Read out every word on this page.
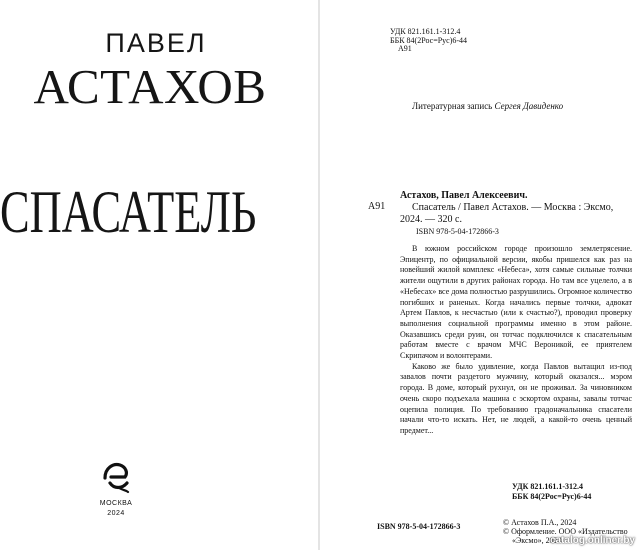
ПАВЕЛ
АСТАХОВ
СПАСАТЕЛЬ
МОСКВА
2024
УДК 821.161.1-312.4
ББК 84(2Рос=Рус)6-44
А91
Литературная запись Сергея Давиденко
А91
Астахов, Павел Алексеевич.
Спасатель / Павел Астахов. — Москва : Эксмо, 2024. — 320 с.
ISBN 978-5-04-172866-3

В южном российском городе произошло землетрясение. Эпицентр, по официальной версии, якобы пришелся как раз на новейший жилой комплекс «Небеса», хотя самые сильные толчки жители ощутили в других районах города. Но там все уцелело, а в «Небесах» все дома полностью разрушились. Огромное количество погибших и раненых. Когда начались первые толчки, адвокат Артем Павлов, к несчастью (или к счастью?), проводил проверку выполнения социальной программы именно в этом районе. Оказавшись среди руин, он тотчас подключился к спасательным работам вместе с врачом МЧС Вероникой, ее приятелем Скрипачом и волонтерами.

Каково же было удивление, когда Павлов вытащил из-под завалов почти раздетого мужчину, который оказался... мэром города. В доме, который рухнул, он не проживал. За чиновником очень скоро подъехала машина с эскортом охраны, завалы тотчас оцепила полиция. По требованию градоначальника спасатели начали что-то искать. Нет, не людей, а какой-то очень ценный предмет...

УДК 821.161.1-312.4
ББК 84(2Рос=Рус)6-44
ISBN 978-5-04-172866-3	© Астахов П.А., 2024
© Оформление. ООО «Издательство
«Эксмо», 2024
catalog.onliner.by
